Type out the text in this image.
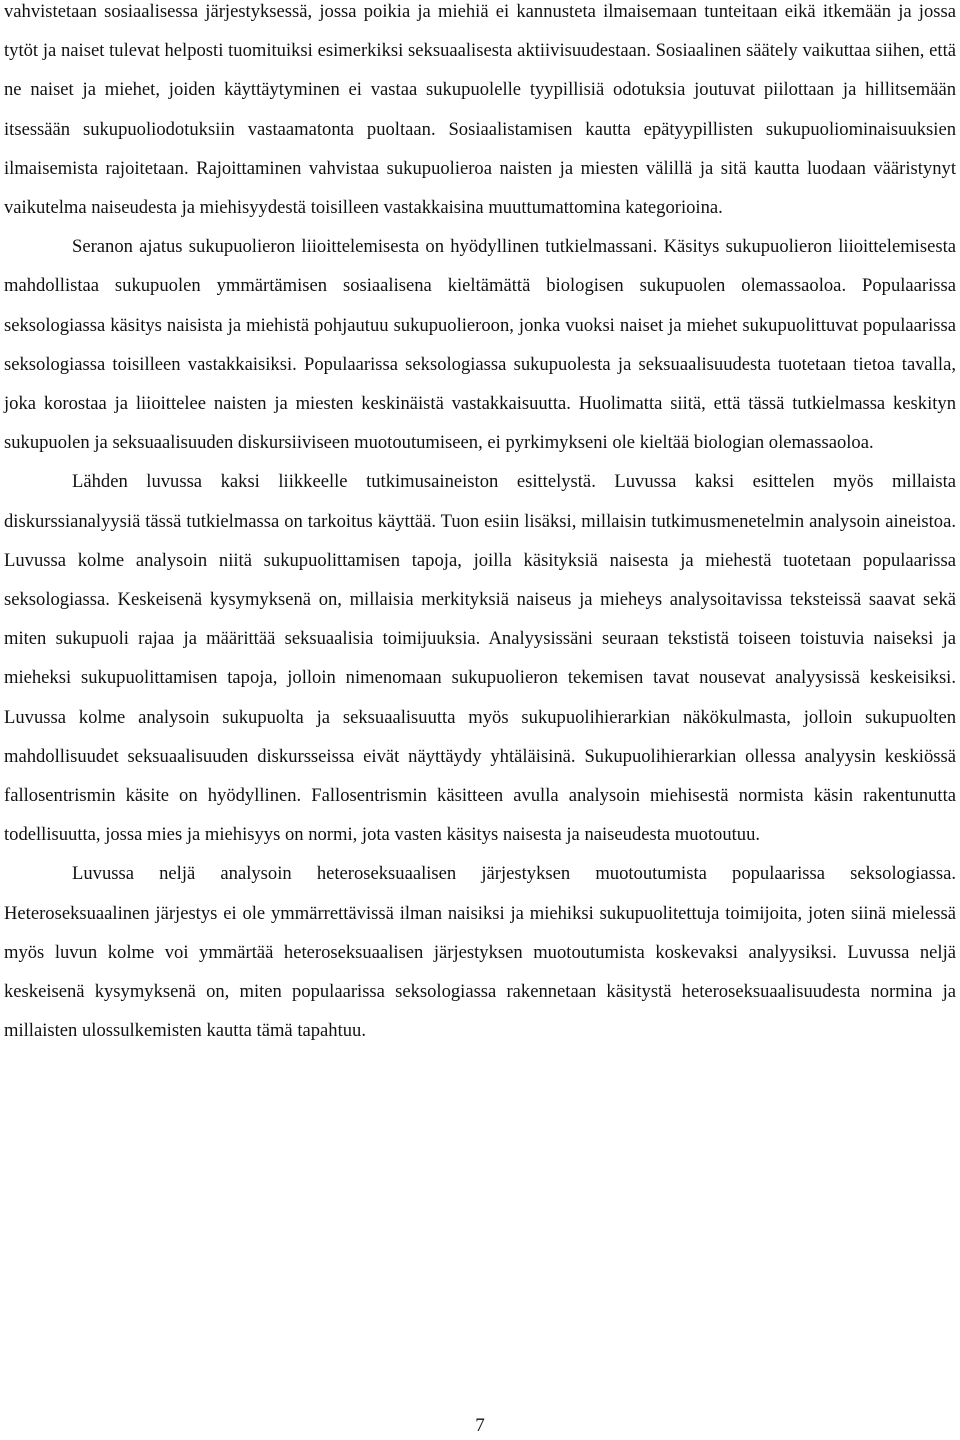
vahvistetaan sosiaalisessa järjestyksessä, jossa poikia ja miehiä ei kannusteta ilmaisemaan tunteitaan eikä itkemään ja jossa tytöt ja naiset tulevat helposti tuomituiksi esimerkiksi seksuaalisesta aktiivisuudestaan. Sosiaalinen säätely vaikuttaa siihen, että ne naiset ja miehet, joiden käyttäytyminen ei vastaa sukupuolelle tyypillisiä odotuksia joutuvat piilottaan ja hillitsemään itsessään sukupuoliodotuksiin vastaamatonta puoltaan. Sosiaalistamisen kautta epätyypillisten sukupuoliominaisuuksien ilmaisemista rajoitetaan. Rajoittaminen vahvistaa sukupuolieroa naisten ja miesten välillä ja sitä kautta luodaan vääristynyt vaikutelma naiseudesta ja miehisyydestä toisilleen vastakkaisina muuttumattomina kategorioina.

Seranon ajatus sukupuolieron liioittelemisesta on hyödyllinen tutkielmassani. Käsitys sukupuolieron liioittelemisesta mahdollistaa sukupuolen ymmärtämisen sosiaalisena kieltämättä biologisen sukupuolen olemassaoloa. Populaarissa seksologiassa käsitys naisista ja miehistä pohjautuu sukupuolieroon, jonka vuoksi naiset ja miehet sukupuolittuvat populaarissa seksologiassa toisilleen vastakkaisiksi. Populaarissa seksologiassa sukupuolesta ja seksuaalisuudesta tuotetaan tietoa tavalla, joka korostaa ja liioittelee naisten ja miesten keskinäistä vastakkaisuutta. Huolimatta siitä, että tässä tutkielmassa keskityn sukupuolen ja seksuaalisuuden diskursiiviseen muotoutumiseen, ei pyrkimykseni ole kieltää biologian olemassaoloa.

Lähden luvussa kaksi liikkeelle tutkimusaineiston esittelystä. Luvussa kaksi esittelen myös millaista diskurssianalyysiä tässä tutkielmassa on tarkoitus käyttää. Tuon esiin lisäksi, millaisin tutkimusmenetelmin analysoin aineistoa. Luvussa kolme analysoin niitä sukupuolittamisen tapoja, joilla käsityksiä naisesta ja miehestä tuotetaan populaarissa seksologiassa. Keskeisenä kysymyksenä on, millaisia merkityksiä naiseus ja mieheys analysoitavissa teksteissä saavat sekä miten sukupuoli rajaa ja määrittää seksuaalisia toimijuuksia. Analyysissäni seuraan tekstistä toiseen toistuvia naiseksi ja mieheksi sukupuolittamisen tapoja, jolloin nimenomaan sukupuolieron tekemisen tavat nousevat analyysissä keskeisiksi. Luvussa kolme analysoin sukupuolta ja seksuaalisuutta myös sukupuolihierarkian näkökulmasta, jolloin sukupuolten mahdollisuudet seksuaalisuuden diskursseissa eivät näyttäydy yhtäläisinä. Sukupuolihierarkian ollessa analyysin keskiössä fallosentrismin käsite on hyödyllinen. Fallosentrismin käsitteen avulla analysoin miehisestä normista käsin rakentunutta todellisuutta, jossa mies ja miehisyys on normi, jota vasten käsitys naisesta ja naiseudesta muotoutuu.

Luvussa neljä analysoin heteroseksuaalisen järjestyksen muotoutumista populaarissa seksologiassa. Heteroseksuaalinen järjestys ei ole ymmärrettävissä ilman naisiksi ja miehiksi sukupuolitettuja toimijoita, joten siinä mielessä myös luvun kolme voi ymmärtää heteroseksuaalisen järjestyksen muotoutumista koskevaksi analyysiksi. Luvussa neljä keskeisenä kysymyksenä on, miten populaarissa seksologiassa rakennetaan käsitystä heteroseksuaalisuudesta normina ja millaisten ulossulkemisten kautta tämä tapahtuu.

7
